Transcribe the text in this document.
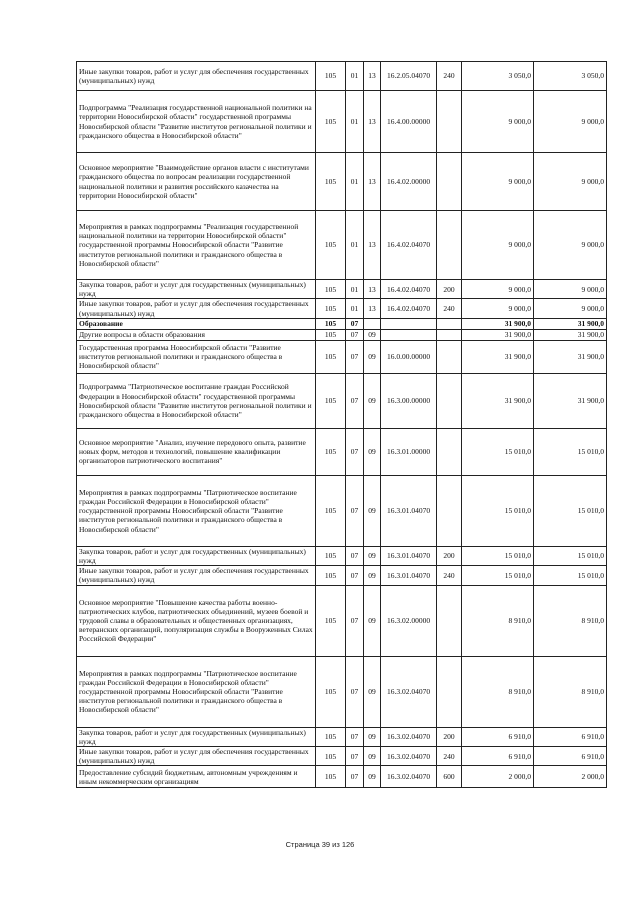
Иные закупки товаров, работ и услуг для обеспечения государственных (муниципальных) нужд	105	01	13	16.2.05.04070	240	3 050,0	3 050,0
Подпрограмма "Реализация государственной национальной политики на территории Новосибирской области" государственной программы Новосибирской области "Развитие институтов региональной политики и гражданского общества в Новосибирской области"	105	01	13	16.4.00.00000		9 000,0	9 000,0
Основное мероприятие "Взаимодействие органов власти с институтами гражданского общества по вопросам реализации государственной национальной политики и развития российского казачества на территории Новосибирской области"	105	01	13	16.4.02.00000		9 000,0	9 000,0
Мероприятия в рамках подпрограммы "Реализация государственной национальной политики на территории Новосибирской области" государственной программы Новосибирской области "Развитие институтов региональной политики и гражданского общества в Новосибирской области"	105	01	13	16.4.02.04070		9 000,0	9 000,0
Закупка товаров, работ и услуг для государственных (муниципальных) нужд	105	01	13	16.4.02.04070	200	9 000,0	9 000,0
Иные закупки товаров, работ и услуг для обеспечения государственных (муниципальных) нужд	105	01	13	16.4.02.04070	240	9 000,0	9 000,0
Образование	105	07				31 900,0	31 900,0
Другие вопросы в области образования	105	07	09			31 900,0	31 900,0
Государственная программа Новосибирской области "Развитие институтов региональной политики и гражданского общества в Новосибирской области"	105	07	09	16.0.00.00000		31 900,0	31 900,0
Подпрограмма "Патриотическое воспитание граждан Российской Федерации в Новосибирской области" государственной программы Новосибирской области "Развитие институтов региональной политики и гражданского общества в Новосибирской области"	105	07	09	16.3.00.00000		31 900,0	31 900,0
Основное мероприятие "Анализ, изучение передового опыта, развитие новых форм, методов и технологий, повышение квалификации организаторов патриотического воспитания"	105	07	09	16.3.01.00000		15 010,0	15 010,0
Мероприятия в рамках подпрограммы "Патриотическое воспитание граждан Российской Федерации в Новосибирской области" государственной программы Новосибирской области "Развитие институтов региональной политики и гражданского общества в Новосибирской области"	105	07	09	16.3.01.04070		15 010,0	15 010,0
Закупка товаров, работ и услуг для государственных (муниципальных) нужд	105	07	09	16.3.01.04070	200	15 010,0	15 010,0
Иные закупки товаров, работ и услуг для обеспечения государственных (муниципальных) нужд	105	07	09	16.3.01.04070	240	15 010,0	15 010,0
Основное мероприятие "Повышение качества работы военно-патриотических клубов, патриотических объединений, музеев боевой и трудовой славы в образовательных и общественных организациях, ветеранских организаций, популяризация службы в Вооруженных Силах Российской Федерации"	105	07	09	16.3.02.00000		8 910,0	8 910,0
Мероприятия в рамках подпрограммы "Патриотическое воспитание граждан Российской Федерации в Новосибирской области" государственной программы Новосибирской области "Развитие институтов региональной политики и гражданского общества в Новосибирской области"	105	07	09	16.3.02.04070		8 910,0	8 910,0
Закупка товаров, работ и услуг для государственных (муниципальных) нужд	105	07	09	16.3.02.04070	200	6 910,0	6 910,0
Иные закупки товаров, работ и услуг для обеспечения государственных (муниципальных) нужд	105	07	09	16.3.02.04070	240	6 910,0	6 910,0
Предоставление субсидий бюджетным, автономным учреждениям и иным некоммерческим организациям	105	07	09	16.3.02.04070	600	2 000,0	2 000,0
Страница 39 из 126
